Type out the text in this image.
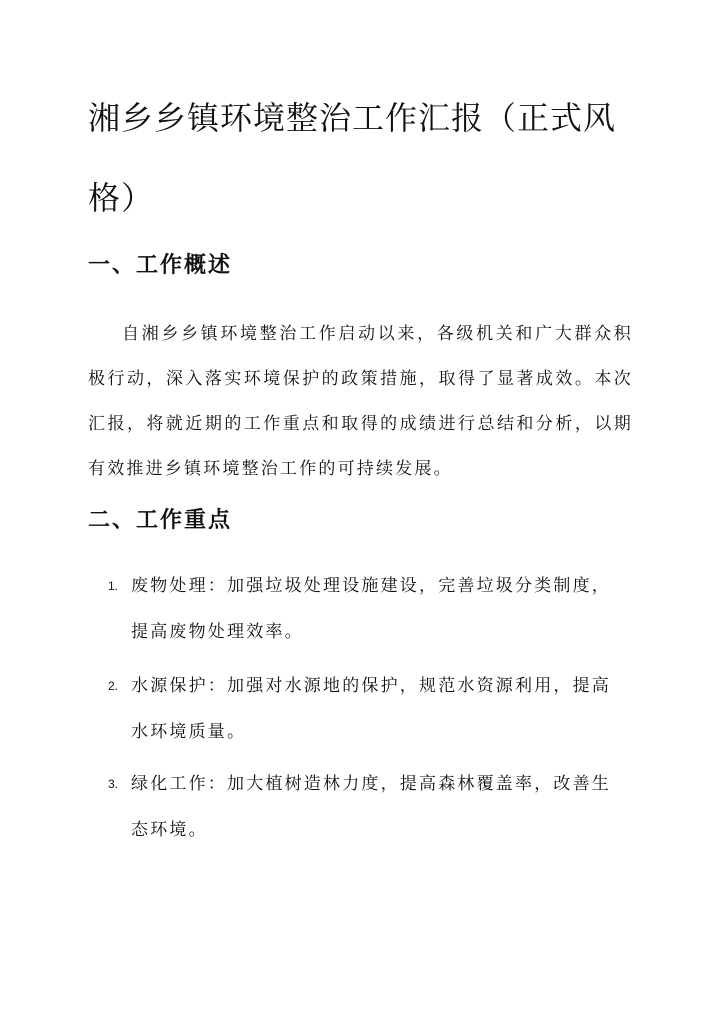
湘乡乡镇环境整治工作汇报（正式风格）
一、工作概述

自湘乡乡镇环境整治工作启动以来，各级机关和广大群众积极行动，深入落实环境保护的政策措施，取得了显著成效。本次汇报，将就近期的工作重点和取得的成绩进行总结和分析，以期有效推进乡镇环境整治工作的可持续发展。

二、工作重点
1. 废物处理：加强垃圾处理设施建设，完善垃圾分类制度，提高废物处理效率。
2. 水源保护：加强对水源地的保护，规范水资源利用，提高水环境质量。
3. 绿化工作：加大植树造林力度，提高森林覆盖率，改善生态环境。
